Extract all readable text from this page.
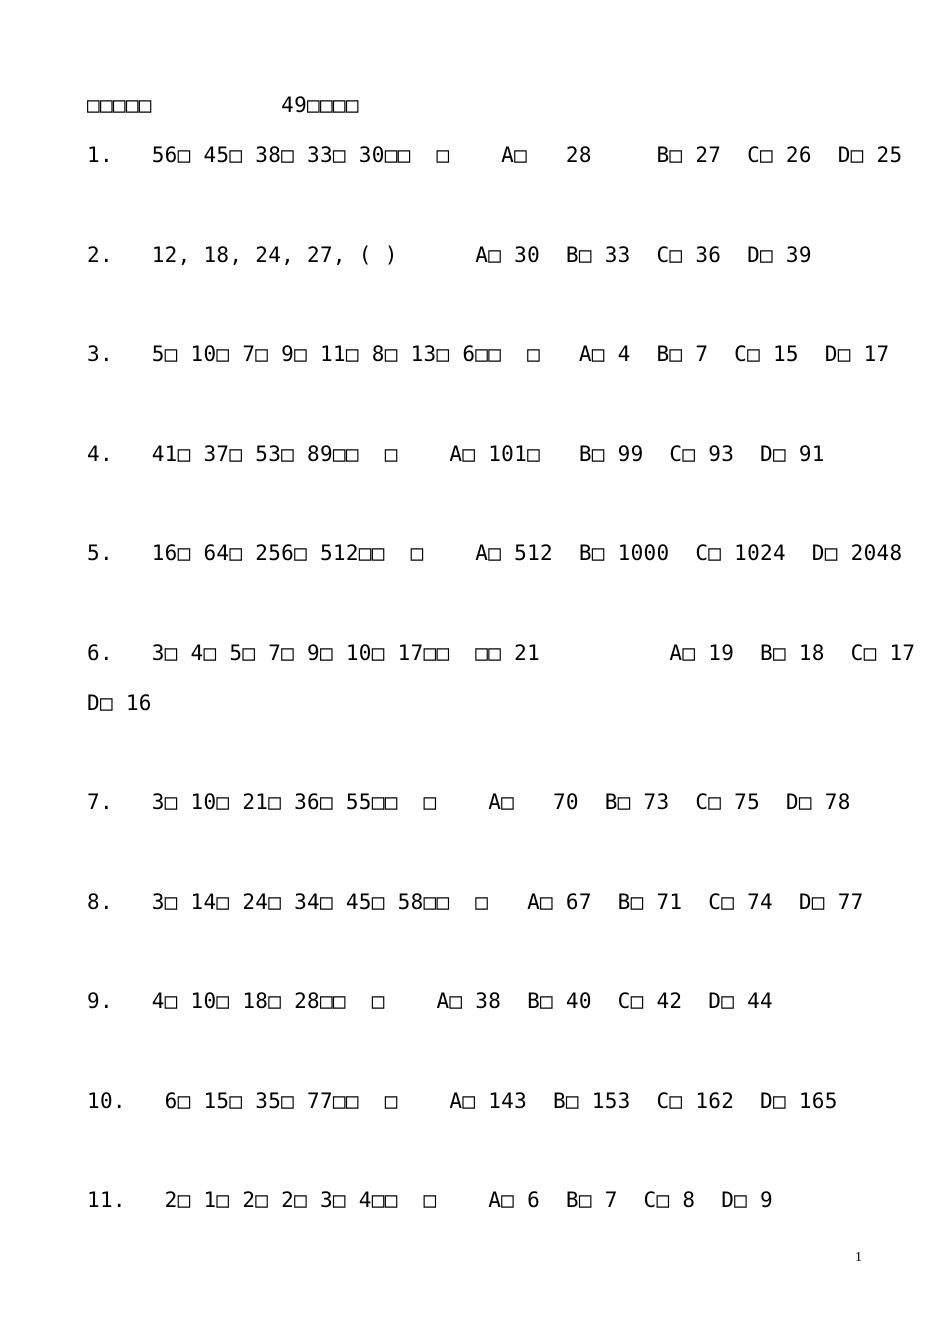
□□□□□          49□□□□
1.   56□ 45□ 38□ 33□ 30□□  □    A□   28     B□ 27  C□ 26  D□ 25
2.   12, 18, 24, 27, ( )      A□ 30  B□ 33  C□ 36  D□ 39
3.   5□ 10□ 7□ 9□ 11□ 8□ 13□ 6□□  □   A□ 4  B□ 7  C□ 15  D□ 17
4.   41□ 37□ 53□ 89□□  □    A□ 101□   B□ 99  C□ 93  D□ 91
5.   16□ 64□ 256□ 512□□  □    A□ 512  B□ 1000  C□ 1024  D□ 2048
6.   3□ 4□ 5□ 7□ 9□ 10□ 17□□  □□ 21          A□ 19  B□ 18  C□ 17
D□ 16
7.   3□ 10□ 21□ 36□ 55□□  □    A□   70  B□ 73  C□ 75  D□ 78
8.   3□ 14□ 24□ 34□ 45□ 58□□  □   A□ 67  B□ 71  C□ 74  D□ 77
9.   4□ 10□ 18□ 28□□  □    A□ 38  B□ 40  C□ 42  D□ 44
10.   6□ 15□ 35□ 77□□  □    A□ 143  B□ 153  C□ 162  D□ 165
11.   2□ 1□ 2□ 2□ 3□ 4□□  □    A□ 6  B□ 7  C□ 8  D□ 9
1
